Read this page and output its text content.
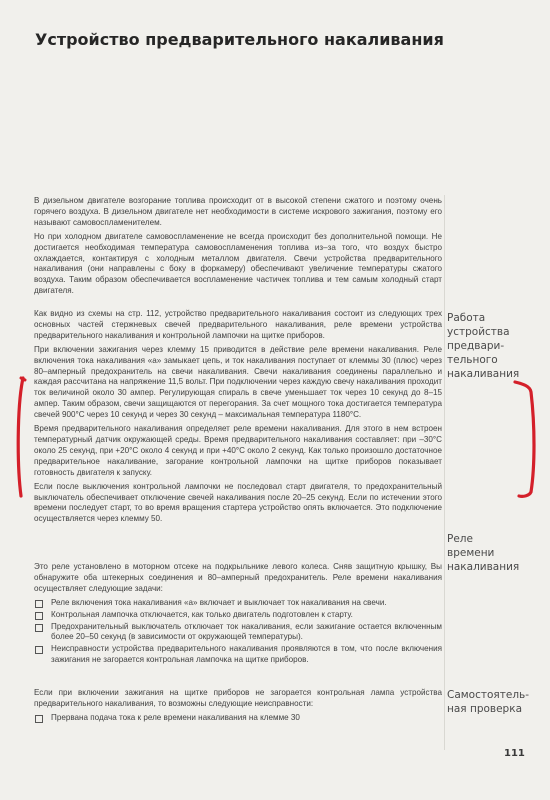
Устройство предварительного накаливания

В дизельном двигателе возгорание топлива происходит от в высокой степени сжатого и поэтому очень горячего воздуха. В дизельном двигателе нет необходимости в системе искрового зажигания, поэтому его называют самовоспламенителем.

Но при холодном двигателе самовоспламенение не всегда происходит без дополнительной помощи. Не достигается необходимая температура самовоспламенения топлива из–за того, что воздух быстро охлаждается, контактируя с холодным металлом двигателя. Свечи устройства предварительного накаливания (они направлены с боку в форкамеру) обеспечивают увеличение температуры сжатого воздуха. Таким образом обеспечивается воспламенение частичек топлива и тем самым холодный старт двигателя.

Работа
устройства
предвари-
тельного
накаливания

Как видно из схемы на стр. 112, устройство предварительного накаливания состоит из следующих трех основных частей стержневых свечей предварительного накаливания, реле времени устройства предварительного накаливания и контрольной лампочки на щитке приборов.

При включении зажигания через клемму 15 приводится в действие реле времени накаливания. Реле включения тока накаливания «а» замыкает цепь, и ток накаливания поступает от клеммы 30 (плюс) через 80–амперный предохранитель на свечи накаливания. Свечи накаливания соединены параллельно и каждая рассчитана на напряжение 11,5 вольт. При подключении через каждую свечу накаливания проходит ток величиной около 30 ампер. Регулирующая спираль в свече уменьшает ток через 10 секунд до 8–15 ампер. Таким образом, свечи защищаются от перегорания. За счет мощного тока достигается температура свечей 900°С через 10 секунд и через 30 секунд – максимальная температура 1180°С.

Время предварительного накаливания определяет реле времени накаливания. Для этого в нем встроен температурный датчик окружающей среды. Время предварительного накаливания составляет: при –30°С около 25 секунд, при +20°С около 4 секунд и при +40°С около 2 секунд. Как только произошло достаточное предварительное накаливание, загорание контрольной лампочки на щитке приборов показывает готовность двигателя к запуску.

Если после выключения контрольной лампочки не последовал старт двигателя, то предохранительный выключатель обеспечивает отключение свечей накаливания после 20–25 секунд. Если по истечении этого времени последует старт, то во время вращения стартера устройство опять включается. Это подключение осуществляется через клемму 50.

Реле
времени
накаливания

Это реле установлено в моторном отсеке на подкрыльнике левого колеса. Сняв защитную крышку, Вы обнаружите оба штекерных соединения и 80–амперный предохранитель. Реле времени накаливания осуществляет следующие задачи:

Реле включения тока накаливания «а» включает и выключает ток накаливания на свечи.
Контрольная лампочка отключается, как только двигатель подготовлен к старту.
Предохранительный выключатель отключает ток накаливания, если зажигание остается включенным более 20–50 секунд (в зависимости от окружающей температуры).
Неисправности устройства предварительного накаливания проявляются в том, что после включения зажигания не загорается контрольная лампочка на щитке приборов.
Самостоятель-
ная проверка

Если при включении зажигания на щитке приборов не загорается контрольная лампа устройства предварительного накаливания, то возможны следующие неисправности:

Прервана подача тока к реле времени накаливания на клемме 30
111
